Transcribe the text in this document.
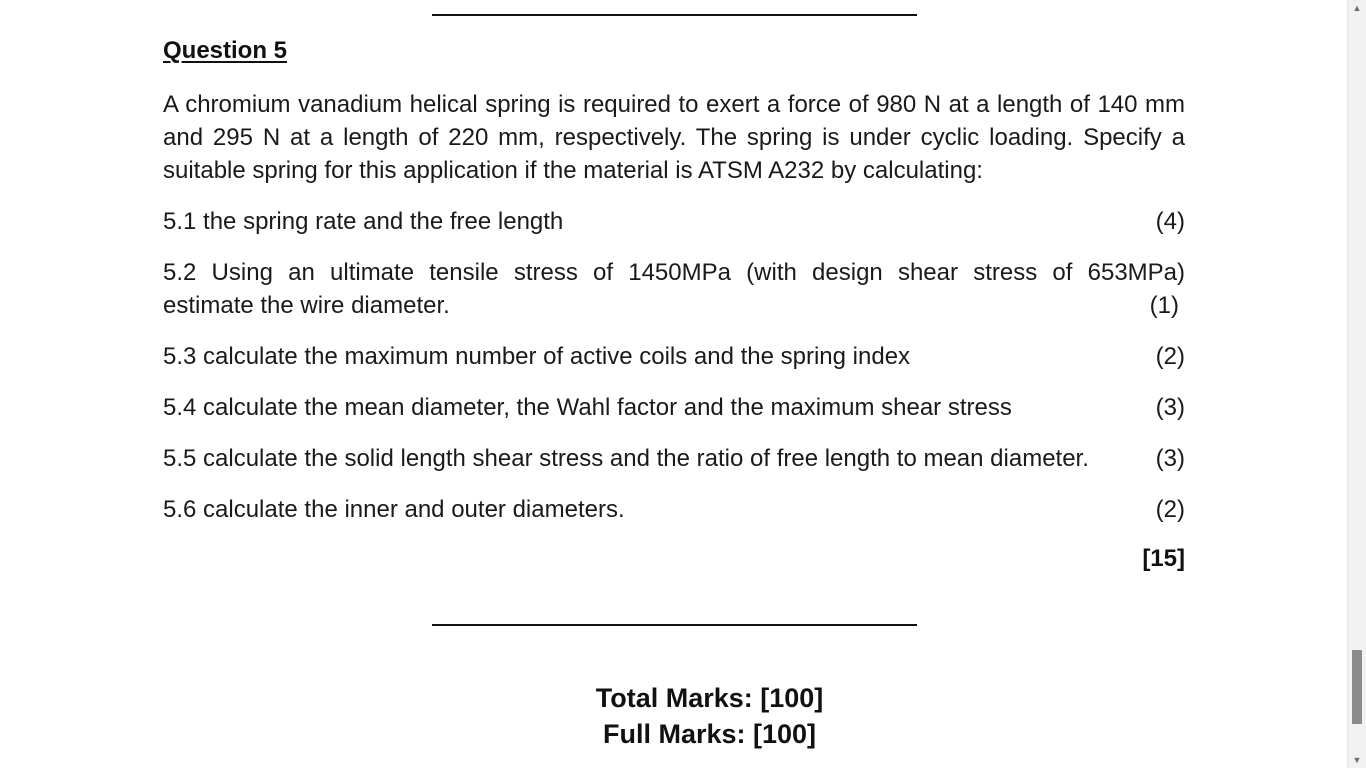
Question 5
A chromium vanadium helical spring is required to exert a force of 980 N at a length of 140 mm and 295 N at a length of 220 mm, respectively. The spring is under cyclic loading. Specify a suitable spring for this application if the material is ATSM A232 by calculating:
5.1 the spring rate and the free length	(4)
5.2 Using an ultimate tensile stress of 1450MPa (with design shear stress of 653MPa)
estimate the wire diameter.	(1)
5.3 calculate the maximum number of active coils and the spring index	(2)
5.4 calculate the mean diameter, the Wahl factor and the maximum shear stress	(3)
5.5 calculate the solid length shear stress and the ratio of free length to mean diameter.	(3)
5.6 calculate the inner and outer diameters.	(2)
[15]
Total Marks: [100]
Full Marks: [100]
▲
▼
